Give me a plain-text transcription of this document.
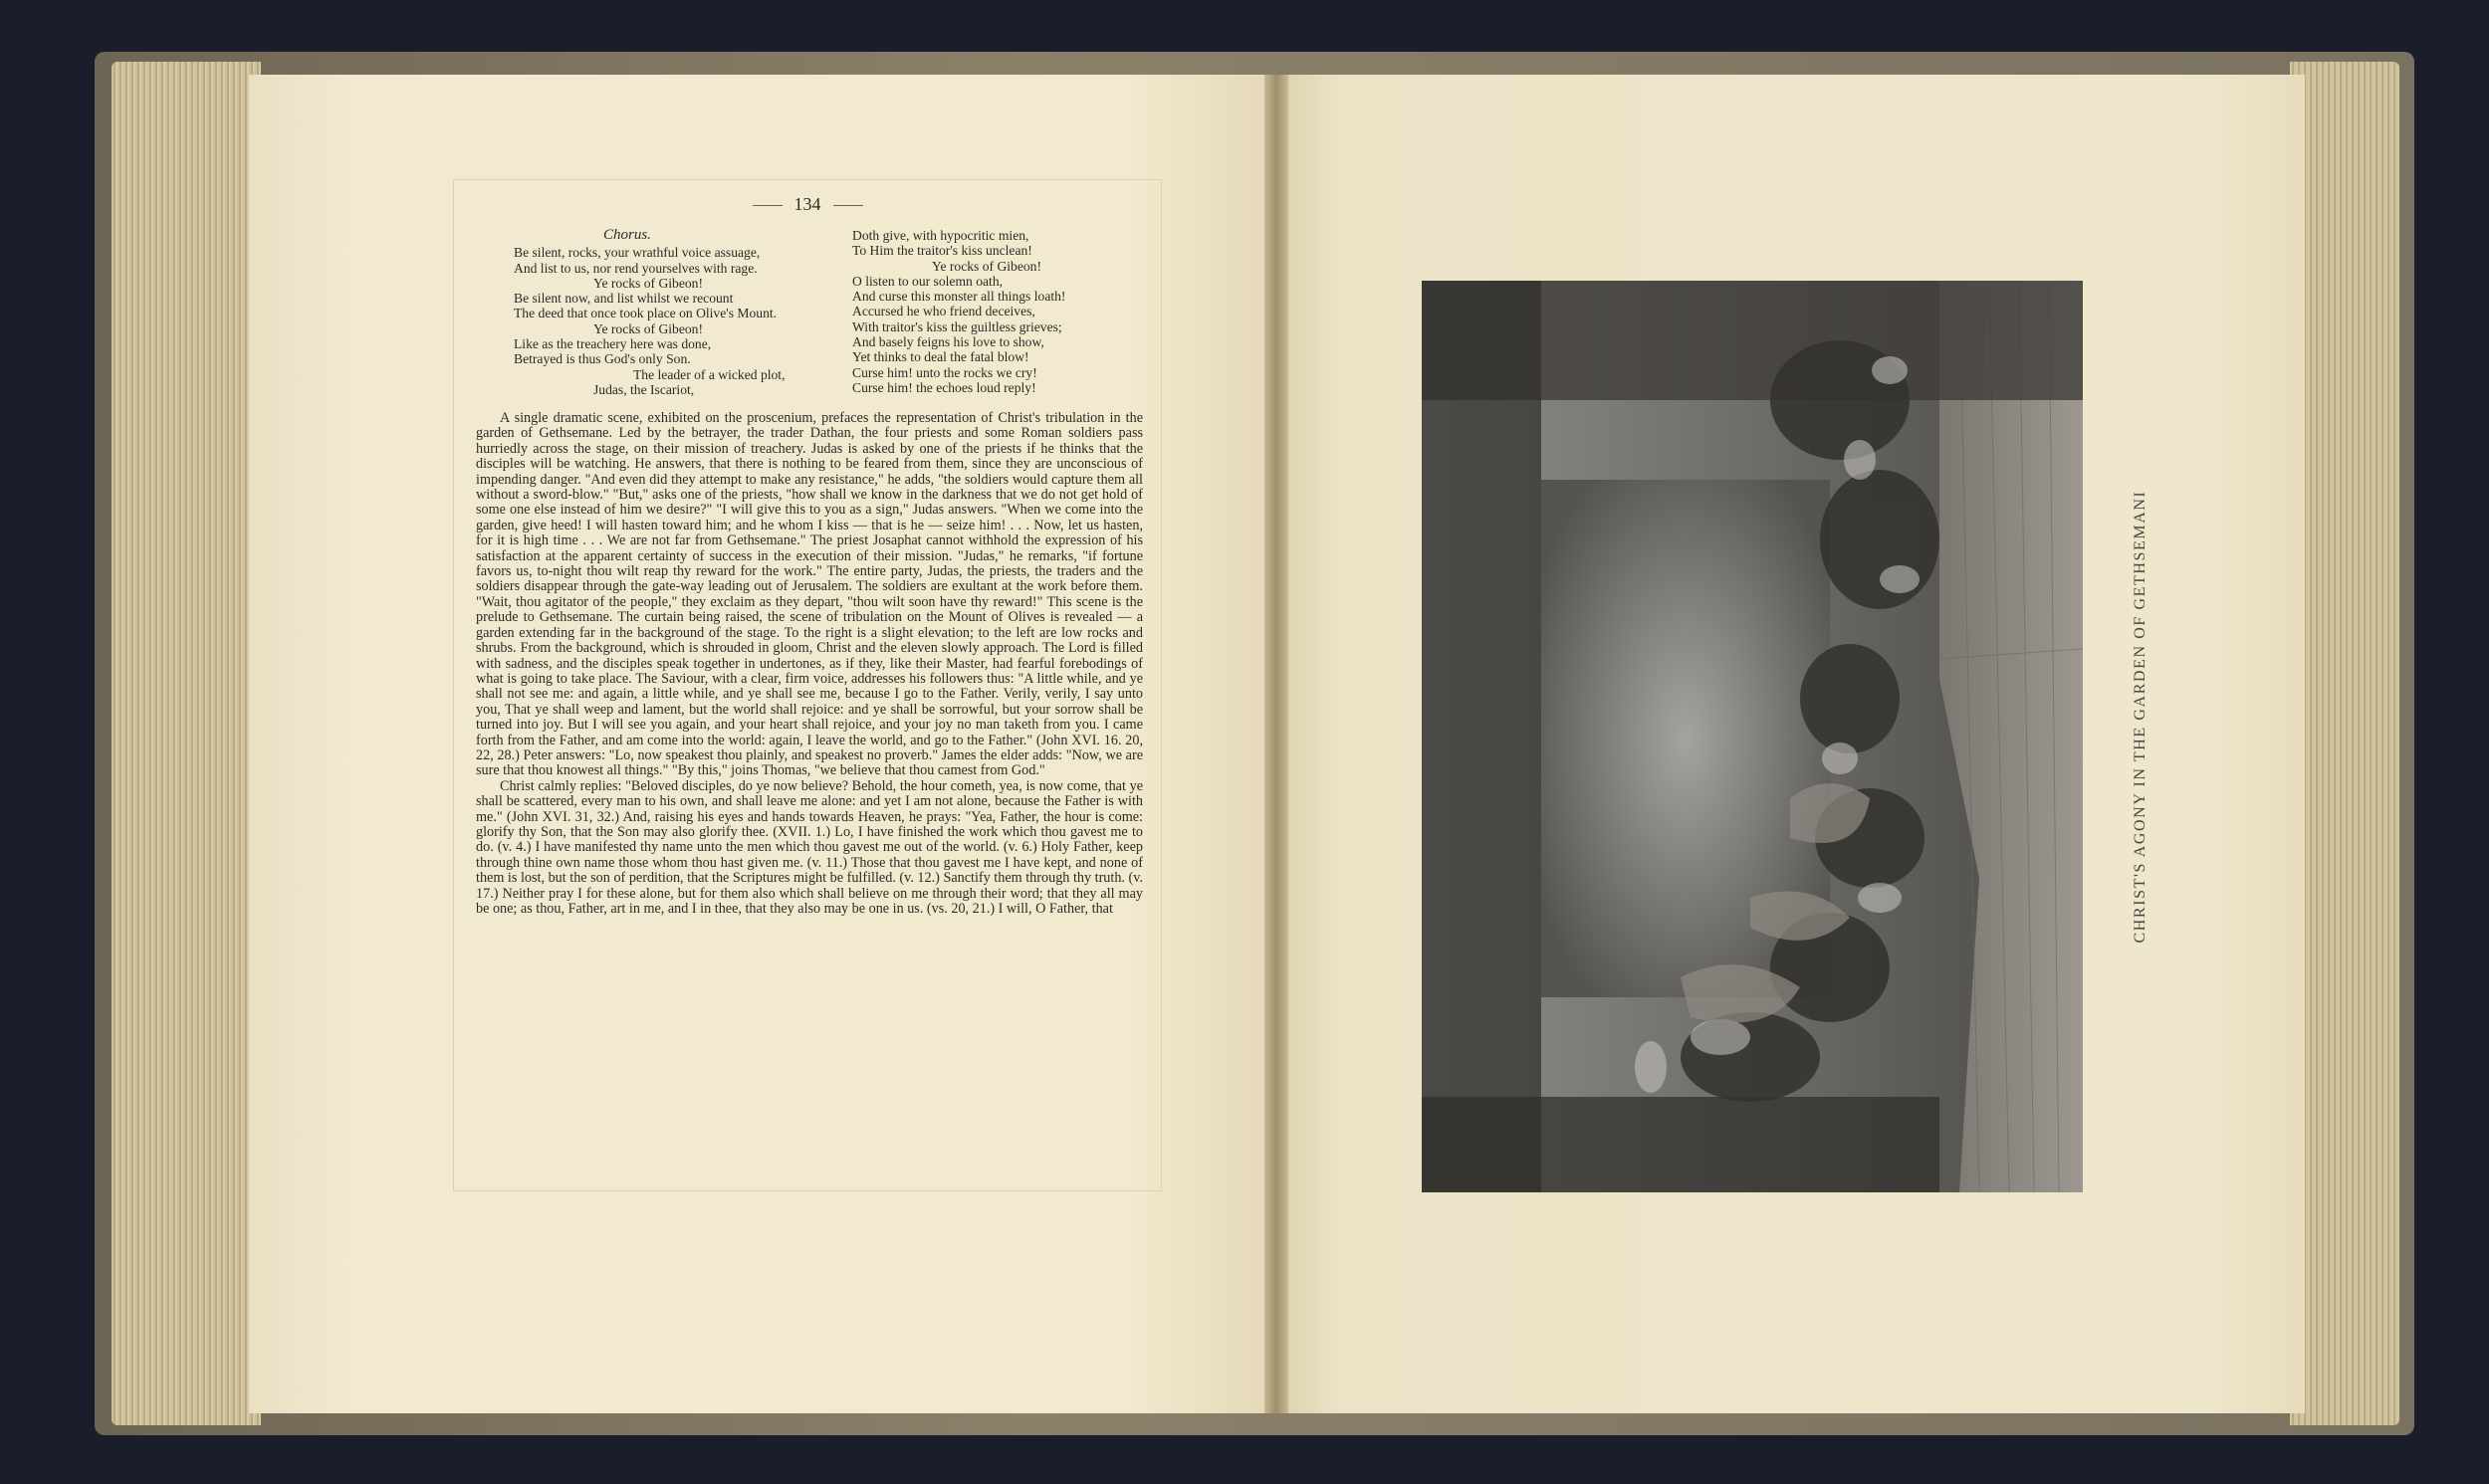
134
Chorus.
Be silent, rocks, your wrathful voice assuage,
And list to us, nor rend yourselves with rage.
Ye rocks of Gibeon!
Be silent now, and list whilst we recount
The deed that once took place on Olive's Mount.
Ye rocks of Gibeon!
Like as the treachery here was done,
Betrayed is thus God's only Son.
The leader of a wicked plot,
Judas, the Iscariot,
Doth give, with hypocritic mien,
To Him the traitor's kiss unclean!
Ye rocks of Gibeon!
O listen to our solemn oath,
And curse this monster all things loath!
Accursed he who friend deceives,
With traitor's kiss the guiltless grieves;
And basely feigns his love to show,
Yet thinks to deal the fatal blow!
Curse him! unto the rocks we cry!
Curse him! the echoes loud reply!

A single dramatic scene, exhibited on the proscenium, prefaces the representation of Christ's tribulation in the garden of Gethsemane. Led by the betrayer, the trader Dathan, the four priests and some Roman soldiers pass hurriedly across the stage, on their mission of treachery. Judas is asked by one of the priests if he thinks that the disciples will be watching. He answers, that there is nothing to be feared from them, since they are unconscious of impending danger. "And even did they attempt to make any resistance," he adds, "the soldiers would capture them all without a sword-blow." "But," asks one of the priests, "how shall we know in the darkness that we do not get hold of some one else instead of him we desire?" "I will give this to you as a sign," Judas answers. "When we come into the garden, give heed! I will hasten toward him; and he whom I kiss — that is he — seize him! . . . Now, let us hasten, for it is high time . . . We are not far from Gethsemane." The priest Josaphat cannot withhold the expression of his satisfaction at the apparent certainty of success in the execution of their mission. "Judas," he remarks, "if fortune favors us, to-night thou wilt reap thy reward for the work." The entire party, Judas, the priests, the traders and the soldiers disappear through the gate-way leading out of Jerusalem. The soldiers are exultant at the work before them. "Wait, thou agitator of the people," they exclaim as they depart, "thou wilt soon have thy reward!" This scene is the prelude to Gethsemane. The curtain being raised, the scene of tribulation on the Mount of Olives is revealed — a garden extending far in the background of the stage. To the right is a slight elevation; to the left are low rocks and shrubs. From the background, which is shrouded in gloom, Christ and the eleven slowly approach. The Lord is filled with sadness, and the disciples speak together in undertones, as if they, like their Master, had fearful forebodings of what is going to take place. The Saviour, with a clear, firm voice, addresses his followers thus: "A little while, and ye shall not see me: and again, a little while, and ye shall see me, because I go to the Father. Verily, verily, I say unto you, That ye shall weep and lament, but the world shall rejoice: and ye shall be sorrowful, but your sorrow shall be turned into joy. But I will see you again, and your heart shall rejoice, and your joy no man taketh from you. I came forth from the Father, and am come into the world: again, I leave the world, and go to the Father." (John XVI. 16. 20, 22, 28.) Peter answers: "Lo, now speakest thou plainly, and speakest no proverb." James the elder adds: "Now, we are sure that thou knowest all things." "By this," joins Thomas, "we believe that thou camest from God."

Christ calmly replies: "Beloved disciples, do ye now believe? Behold, the hour cometh, yea, is now come, that ye shall be scattered, every man to his own, and shall leave me alone: and yet I am not alone, because the Father is with me." (John XVI. 31, 32.) And, raising his eyes and hands towards Heaven, he prays: "Yea, Father, the hour is come: glorify thy Son, that the Son may also glorify thee. (XVII. 1.) Lo, I have finished the work which thou gavest me to do. (v. 4.) I have manifested thy name unto the men which thou gavest me out of the world. (v. 6.) Holy Father, keep through thine own name those whom thou hast given me. (v. 11.) Those that thou gavest me I have kept, and none of them is lost, but the son of perdition, that the Scriptures might be fulfilled. (v. 12.) Sanctify them through thy truth. (v. 17.) Neither pray I for these alone, but for them also which shall believe on me through their word; that they all may be one; as thou, Father, art in me, and I in thee, that they also may be one in us. (vs. 20, 21.) I will, O Father, that	CHRIST'S AGONY IN THE GARDEN OF GETHSEMANI
